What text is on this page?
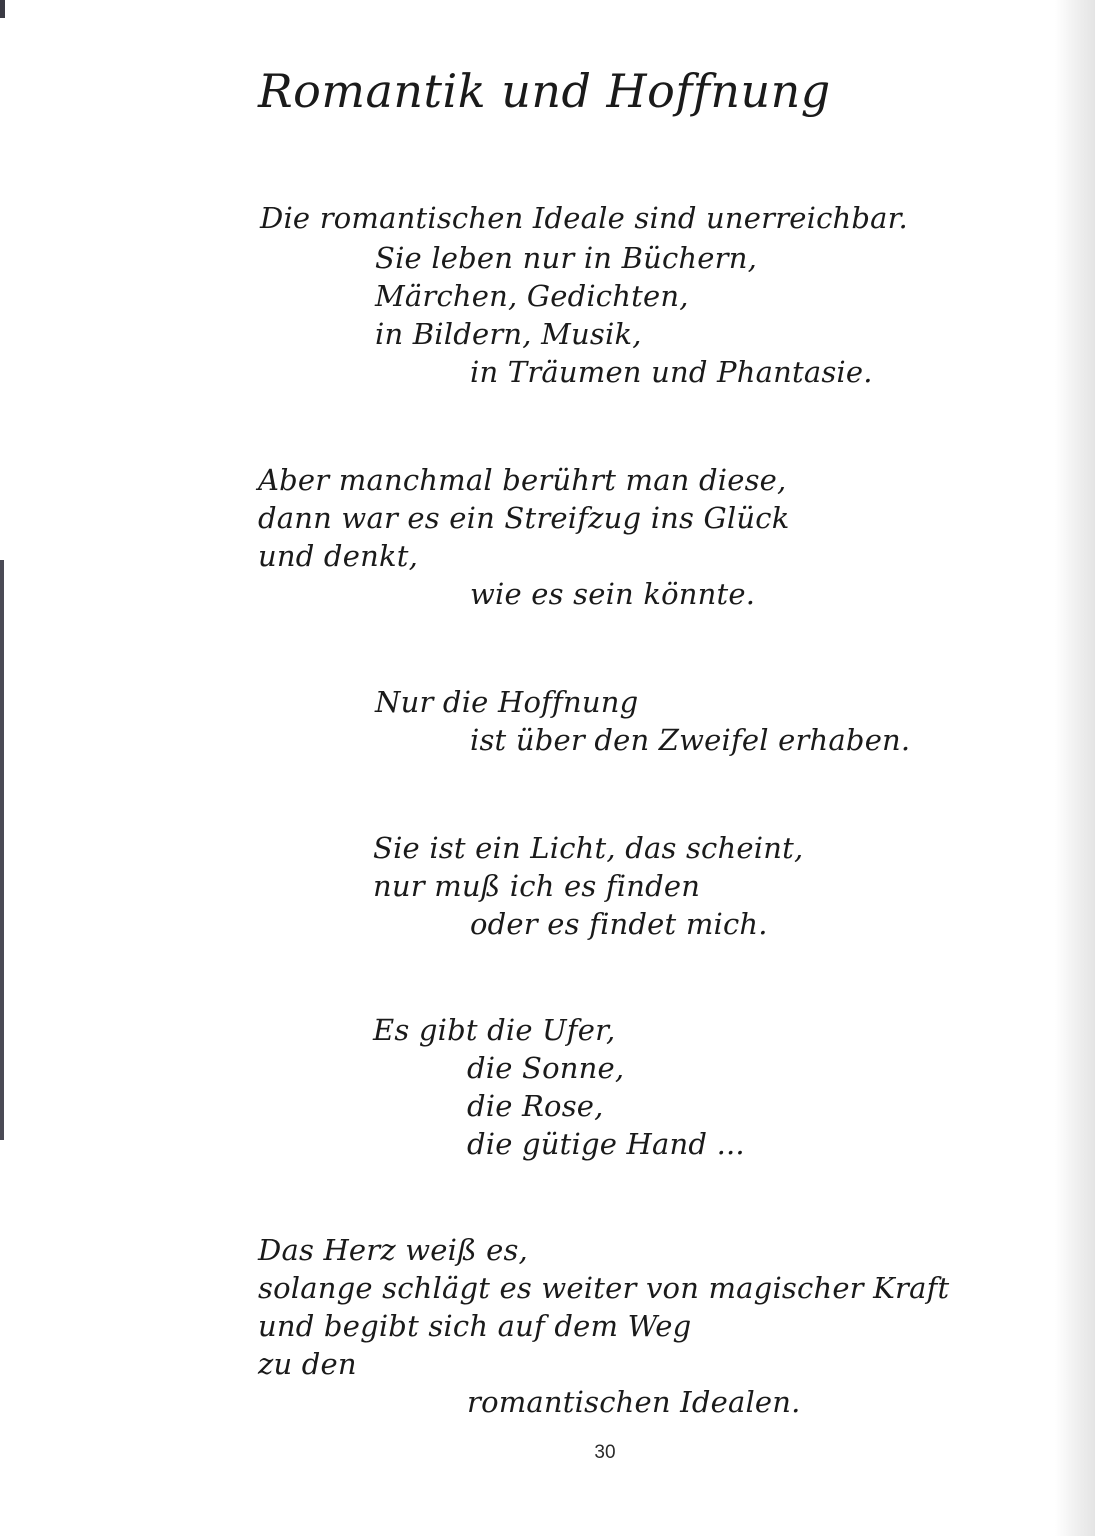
Romantik und Hoffnung
Die romantischen Ideale sind unerreichbar.
Sie leben nur in Büchern,
Märchen, Gedichten,
in Bildern, Musik,
in Träumen und Phantasie.
Aber manchmal berührt man diese,
dann war es ein Streifzug ins Glück
und denkt,
wie es sein könnte.
Nur die Hoffnung
ist über den Zweifel erhaben.
Sie ist ein Licht, das scheint,
nur muß ich es finden
oder es findet mich.
Es gibt die Ufer,
die Sonne,
die Rose,
die gütige Hand ...
Das Herz weiß es,
solange schlägt es weiter von magischer Kraft
und begibt sich auf dem Weg
zu den
romantischen Idealen.
30
